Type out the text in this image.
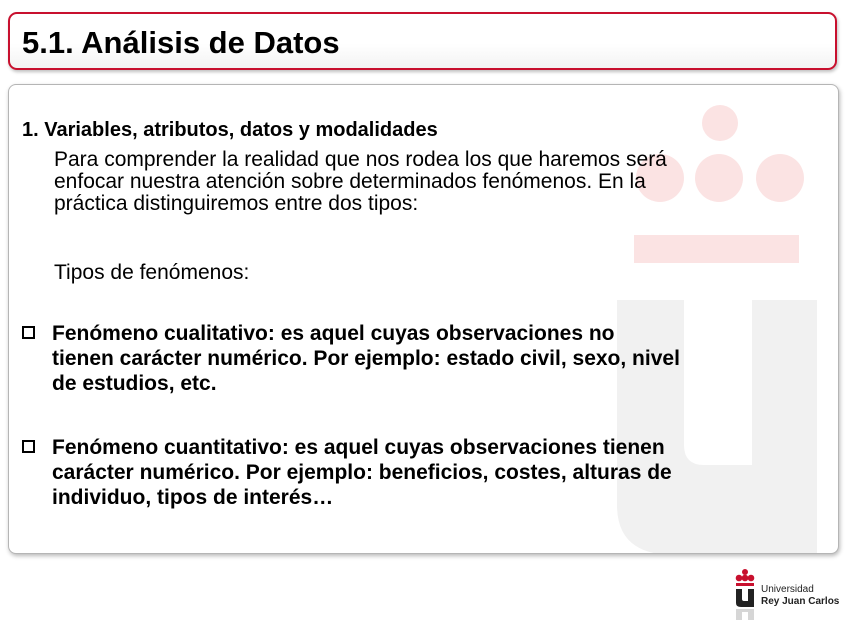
5.1. Análisis de Datos
1. Variables, atributos, datos y modalidades
Para comprender la realidad que nos rodea los que haremos será
enfocar nuestra atención sobre determinados fenómenos. En la
práctica distinguiremos entre dos tipos:
Tipos de fenómenos:
Fenómeno cualitativo: es aquel cuyas observaciones no
tienen carácter numérico. Por ejemplo: estado civil, sexo, nivel
de estudios, etc.
Fenómeno cuantitativo: es aquel cuyas observaciones tienen
carácter numérico. Por ejemplo: beneficios, costes, alturas de
individuo, tipos de interés…
Universidad
Rey Juan Carlos
